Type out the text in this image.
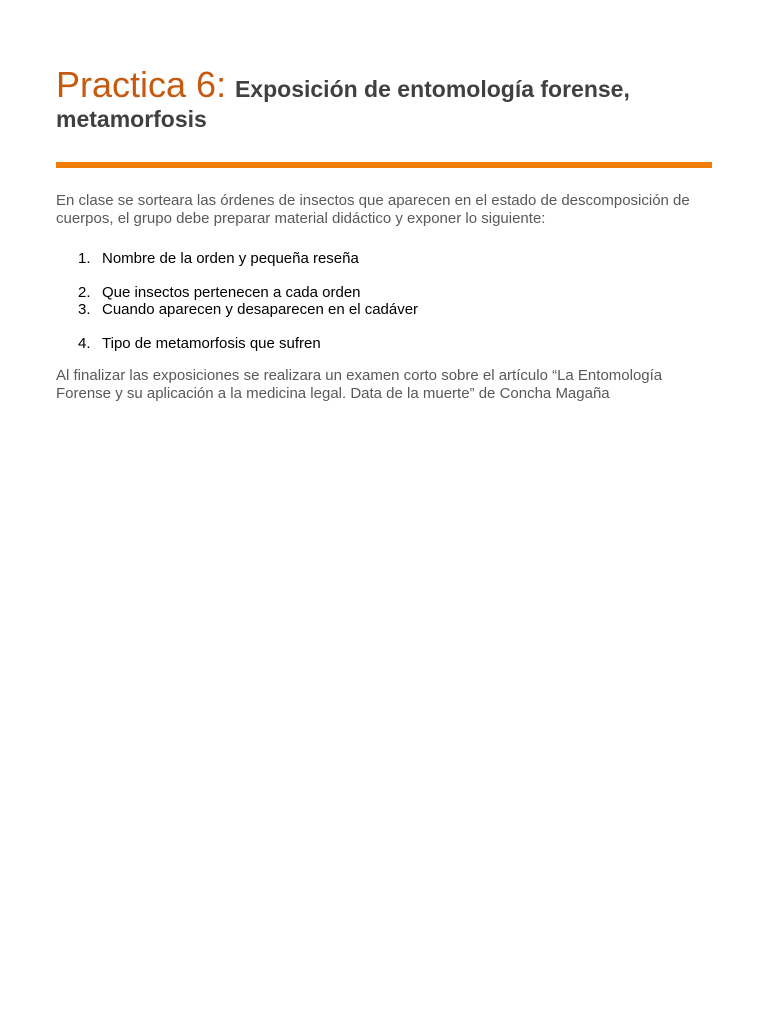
Practica 6: Exposición de entomología forense,
metamorfosis

En clase se sorteara las órdenes de insectos que aparecen en el estado de descomposición de cuerpos, el grupo debe preparar material didáctico y exponer lo siguiente:

1. Nombre de la orden y pequeña reseña
2. Que insectos pertenecen a cada orden
3. Cuando aparecen y desaparecen en el cadáver
4. Tipo de metamorfosis que sufren

Al finalizar las exposiciones se realizara un examen corto sobre el artículo “La Entomología Forense y su aplicación a la medicina legal. Data de la muerte” de Concha Magaña
